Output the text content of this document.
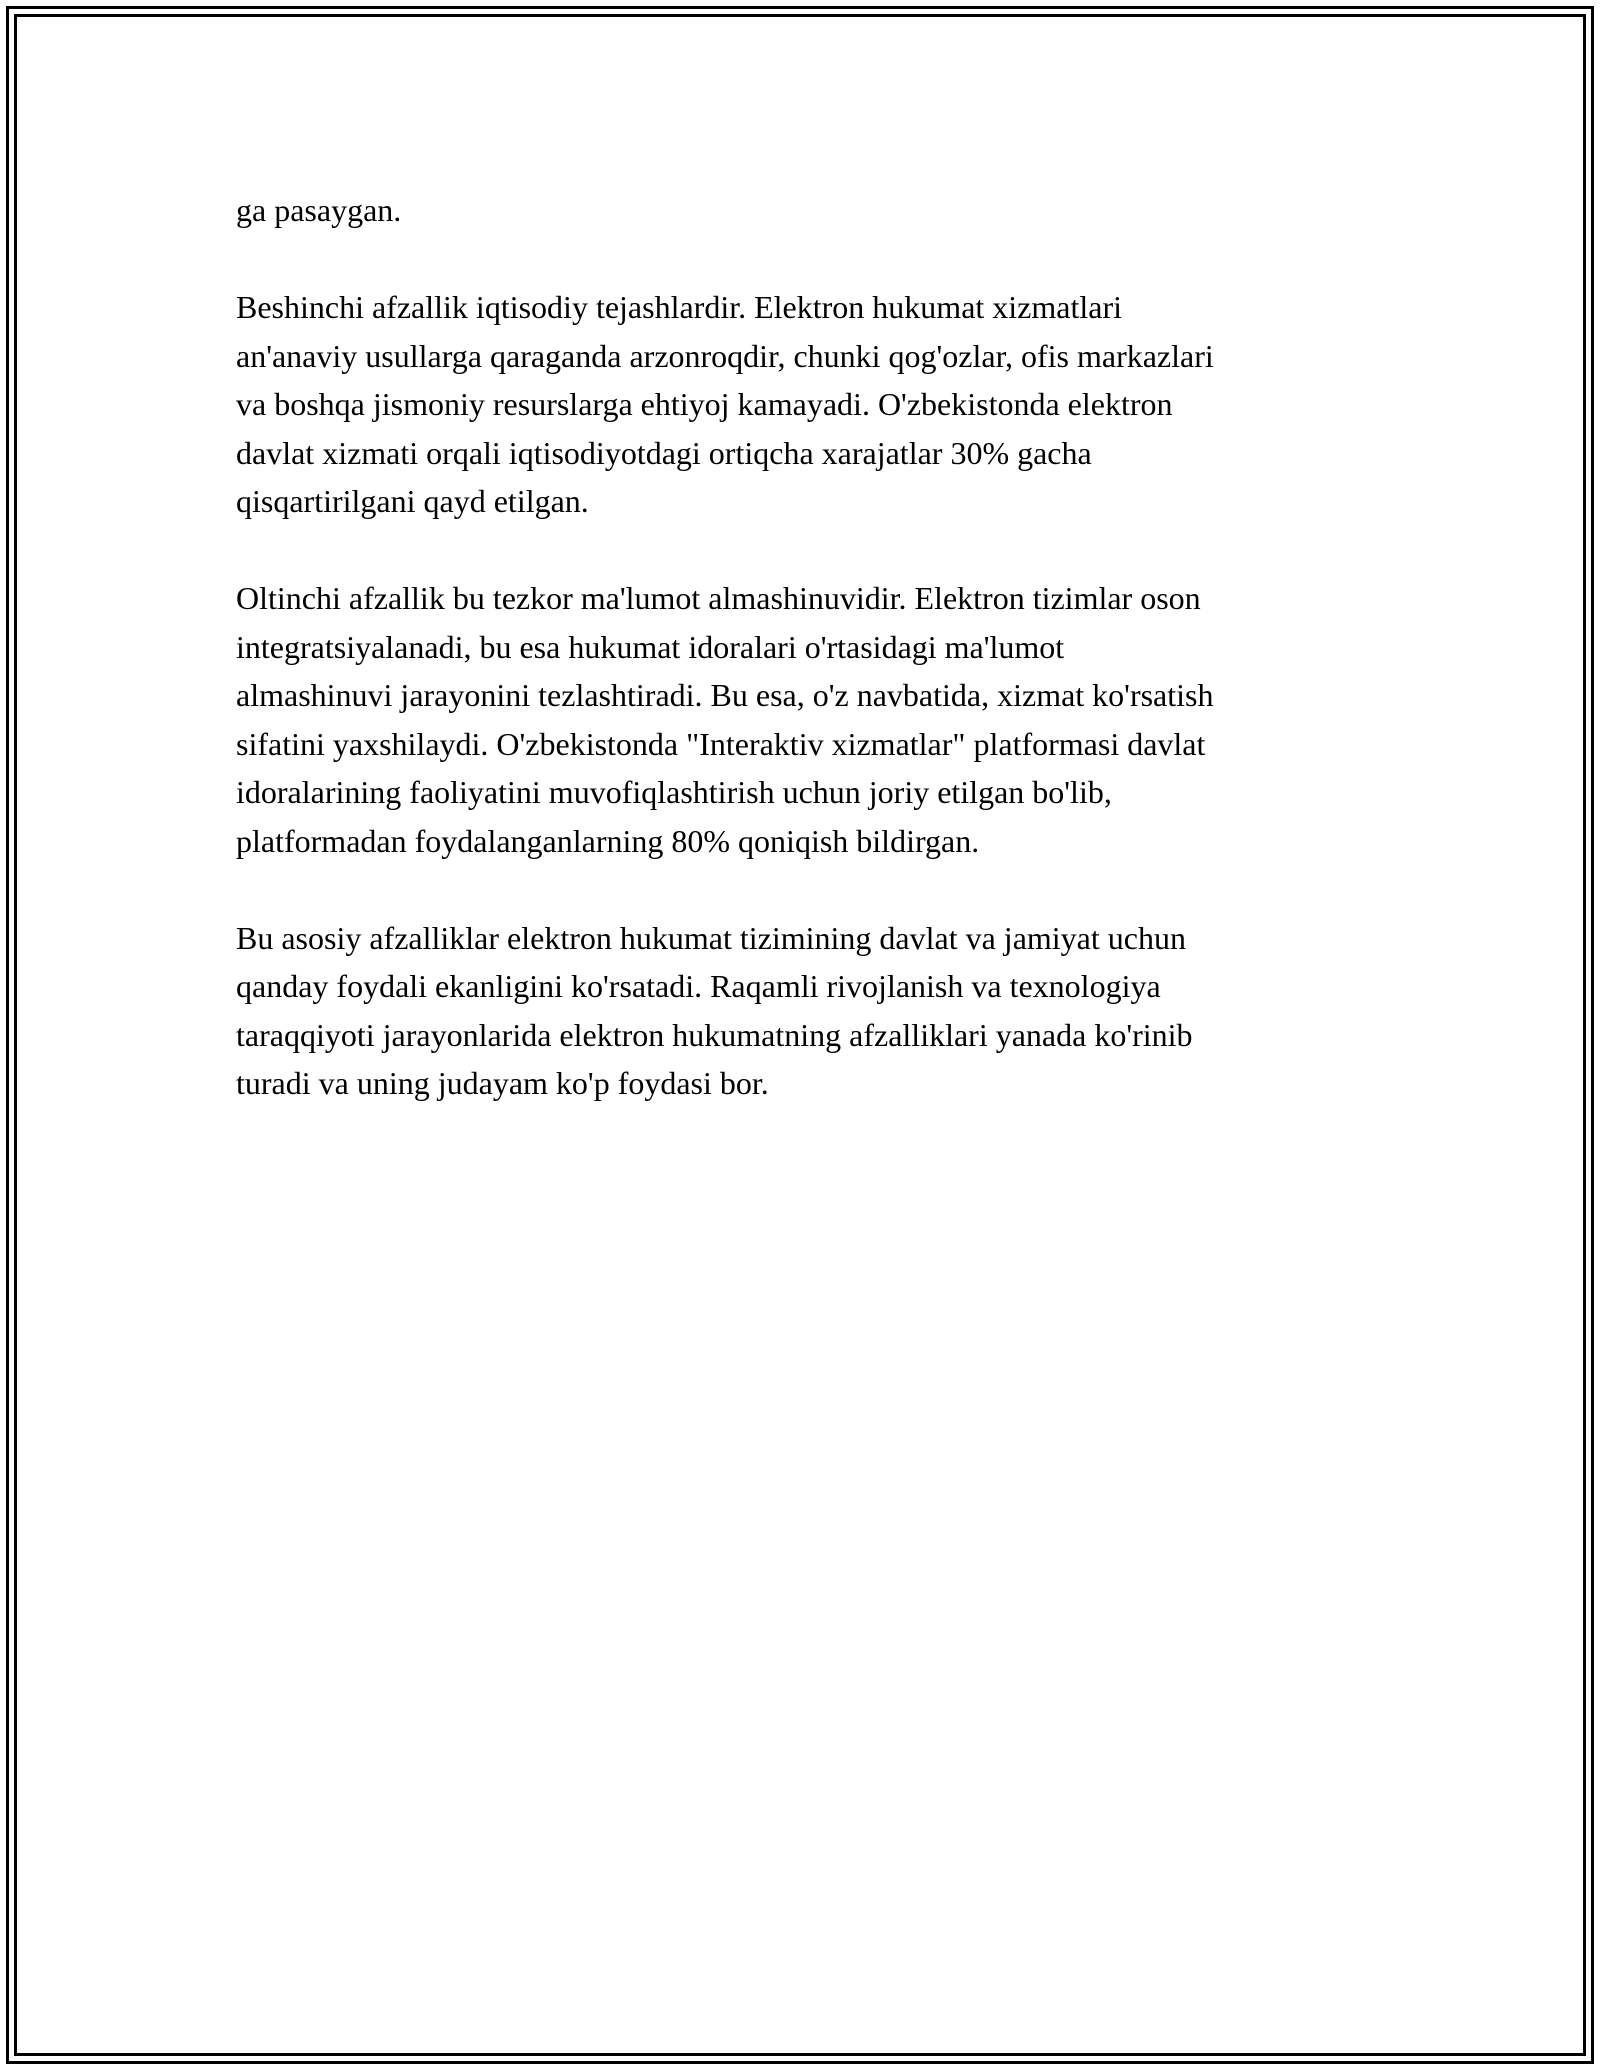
ga pasaygan.

Beshinchi afzallik iqtisodiy tejashlardir. Elektron hukumat xizmatlari
an'anaviy usullarga qaraganda arzonroqdir, chunki qog'ozlar, ofis markazlari
va boshqa jismoniy resurslarga ehtiyoj kamayadi. O'zbekistonda elektron
davlat xizmati orqali iqtisodiyotdagi ortiqcha xarajatlar 30% gacha
qisqartirilgani qayd etilgan.

Oltinchi afzallik bu tezkor ma'lumot almashinuvidir. Elektron tizimlar oson
integratsiyalanadi, bu esa hukumat idoralari o'rtasidagi ma'lumot
almashinuvi jarayonini tezlashtiradi. Bu esa, o'z navbatida, xizmat ko'rsatish
sifatini yaxshilaydi. O'zbekistonda "Interaktiv xizmatlar" platformasi davlat
idoralarining faoliyatini muvofiqlashtirish uchun joriy etilgan bo'lib,
platformadan foydalanganlarning 80% qoniqish bildirgan.

Bu asosiy afzalliklar elektron hukumat tizimining davlat va jamiyat uchun
qanday foydali ekanligini ko'rsatadi. Raqamli rivojlanish va texnologiya
taraqqiyoti jarayonlarida elektron hukumatning afzalliklari yanada ko'rinib
turadi va uning judayam ko'p foydasi bor.
